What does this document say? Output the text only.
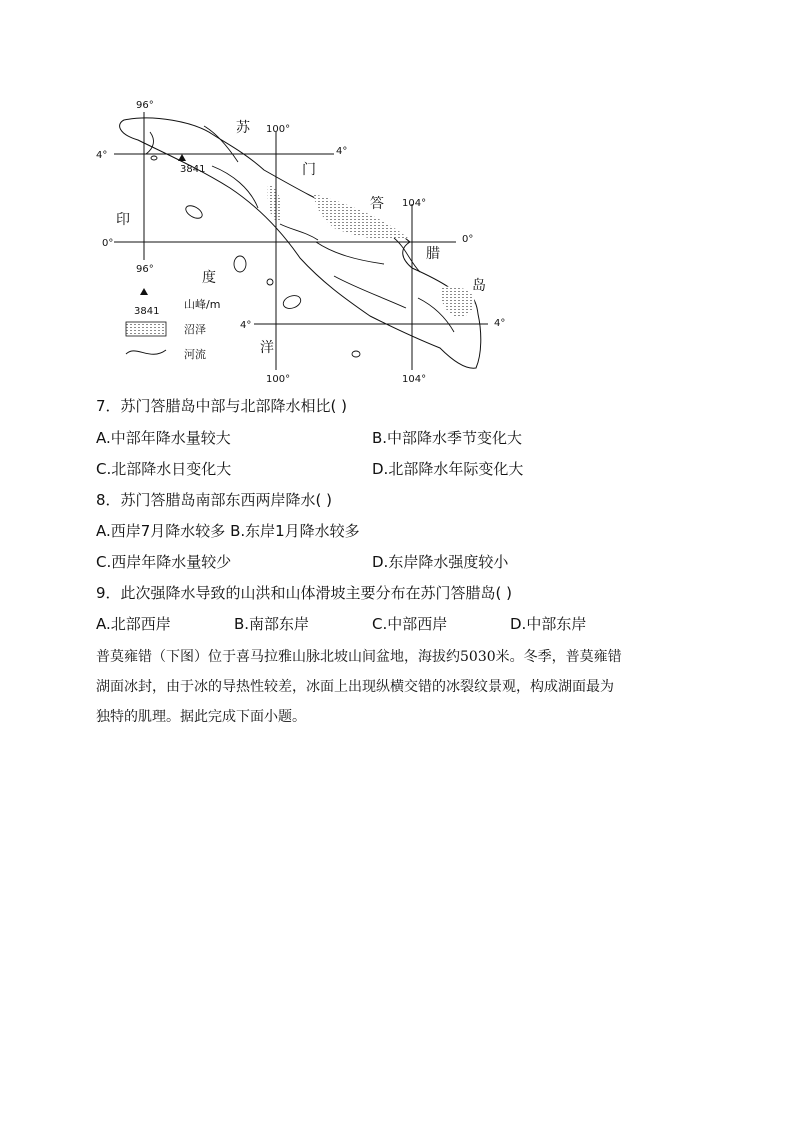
3841
96°
96°
100°
100°
104°
104°
4°	4°
0°	0°
4°	4°
苏
门
答
腊
岛
印
度
洋
3841
山峰/m
沼泽
河流
7．苏门答腊岛中部与北部降水相比( )
A.中部年降水量较大	B.中部降水季节变化大
C.北部降水日变化大	D.北部降水年际变化大
8．苏门答腊岛南部东西两岸降水( )
A.西岸7月降水较多 B.东岸1月降水较多
C.西岸年降水量较少	D.东岸降水强度较小
9．此次强降水导致的山洪和山体滑坡主要分布在苏门答腊岛( )
A.北部西岸	B.南部东岸	C.中部西岸	D.中部东岸

普莫雍错（下图）位于喜马拉雅山脉北坡山间盆地，海拔约5030米。冬季，普莫雍错

湖面冰封，由于冰的导热性较差，冰面上出现纵横交错的冰裂纹景观，构成湖面最为

独特的肌理。据此完成下面小题。
